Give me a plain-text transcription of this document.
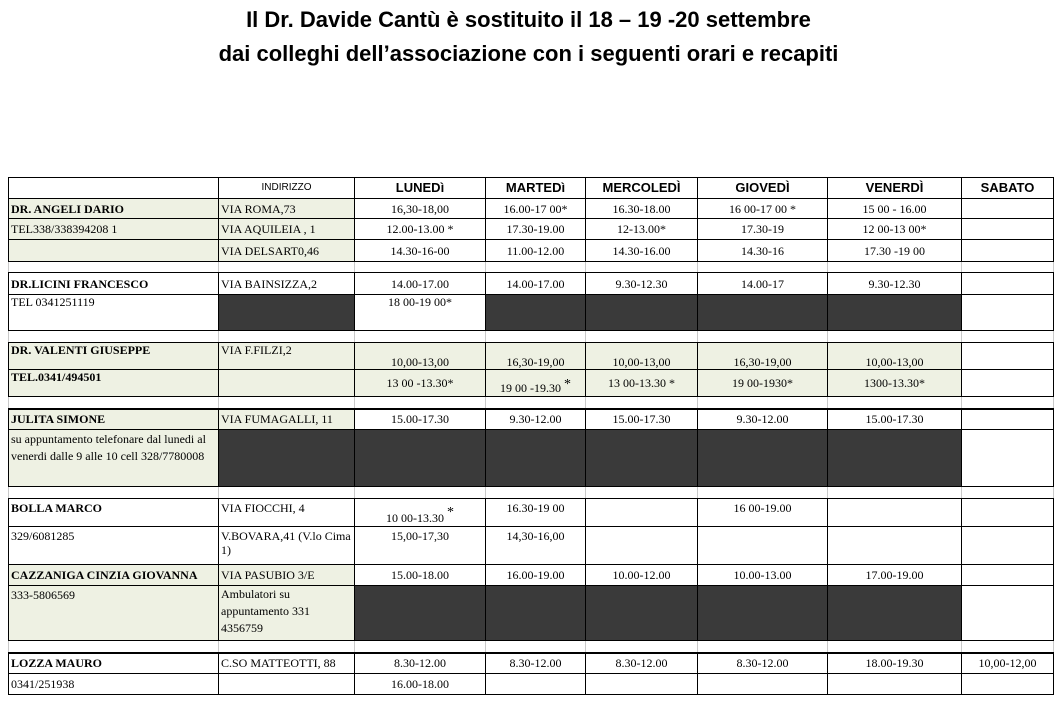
Il Dr. Davide Cantù è sostituito il 18 – 19 -20 settembre
dai colleghi dell’associazione con i seguenti orari e recapiti
	INDIRIZZO	LUNEDì	MARTEDì	MERCOLEDÌ	GIOVEDÌ	VENERDÌ	SABATO
DR. ANGELI DARIO	VIA ROMA,73	16,30-18,00	16.00-17 00*	16.30-18.00	16 00-17 00 *	15 00 - 16.00	
TEL338/338394208 1	VIA AQUILEIA , 1	12.00-13.00 *	17.30-19.00	12-13.00*	17.30-19	12 00-13 00*	
	VIA DELSART0,46	14.30-16-00	11.00-12.00	14.30-16.00	14.30-16	17.30 -19 00	

DR.LICINI FRANCESCO	VIA BAINSIZZA,2	14.00-17.00	14.00-17.00	9.30-12.30	14.00-17	9.30-12.30	
TEL 0341251119		18 00-19 00*					

DR. VALENTI GIUSEPPE	VIA F.FILZI,2	10,00-13,00	16,30-19,00	10,00-13,00	16,30-19,00	10,00-13,00	
TEL.0341/494501		13 00 -13.30*	19 00 -19.30 *	13 00-13.30 *	19 00-1930*	1300-13.30*	

JULITA SIMONE	VIA FUMAGALLI, 11	15.00-17.30	9.30-12.00	15.00-17.30	9.30-12.00	15.00-17.30	
su appuntamento telefonare dal lunedi al venerdi dalle 9 alle 10 cell 328/7780008							

BOLLA MARCO	VIA FIOCCHI, 4	10 00-13.30 *	16.30-19 00		16 00-19.00		
329/6081285	V.BOVARA,41 (V.lo Cima 1)	15,00-17,30	14,30-16,00				
CAZZANIGA CINZIA GIOVANNA	VIA PASUBIO 3/E	15.00-18.00	16.00-19.00	10.00-12.00	10.00-13.00	17.00-19.00	
333-5806569	Ambulatori su appuntamento 331 4356759						

LOZZA MAURO	C.SO MATTEOTTI, 88	8.30-12.00	8.30-12.00	8.30-12.00	8.30-12.00	18.00-19.30	10,00-12,00
0341/251938		16.00-18.00					
